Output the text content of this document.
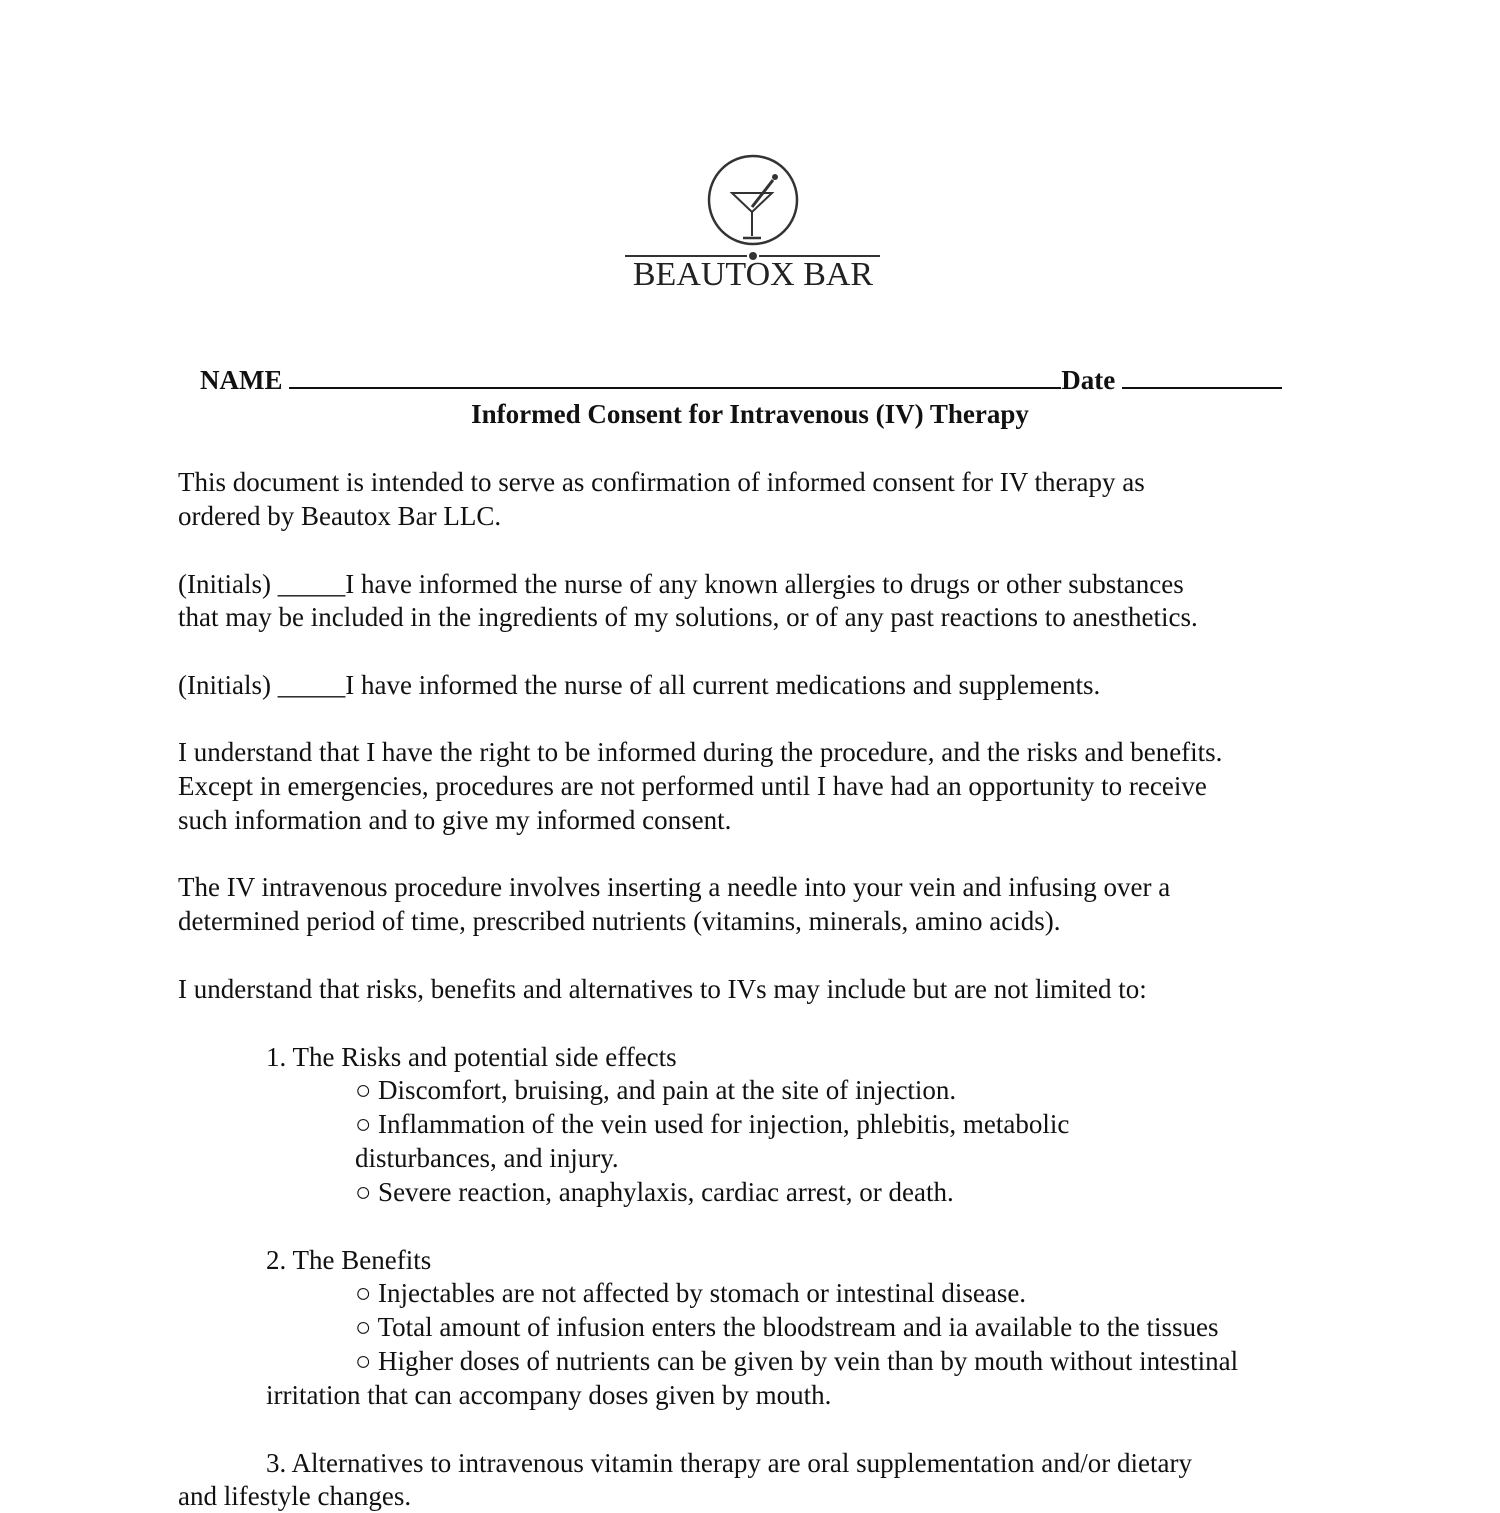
BEAUTOX BAR
NAME	Date
Informed Consent for Intravenous (IV) Therapy
This document is intended to serve as confirmation of informed consent for IV therapy as
ordered by Beautox Bar LLC.
(Initials) _____I have informed the nurse of any known allergies to drugs or other substances
that may be included in the ingredients of my solutions, or of any past reactions to anesthetics.
(Initials) _____I have informed the nurse of all current medications and supplements.
I understand that I have the right to be informed during the procedure, and the risks and benefits.
Except in emergencies, procedures are not performed until I have had an opportunity to receive
such information and to give my informed consent.
The IV intravenous procedure involves inserting a needle into your vein and infusing over a
determined period of time, prescribed nutrients (vitamins, minerals, amino acids).
I understand that risks, benefits and alternatives to IVs may include but are not limited to:
1. The Risks and potential side effects
○ Discomfort, bruising, and pain at the site of injection.
○ Inflammation of the vein used for injection, phlebitis, metabolic
disturbances, and injury.
○ Severe reaction, anaphylaxis, cardiac arrest, or death.
2. The Benefits
○ Injectables are not affected by stomach or intestinal disease.
○ Total amount of infusion enters the bloodstream and ia available to the tissues
○ Higher doses of nutrients can be given by vein than by mouth without intestinal
irritation that can accompany doses given by mouth.
3. Alternatives to intravenous vitamin therapy are oral supplementation and/or dietary
and lifestyle changes.
